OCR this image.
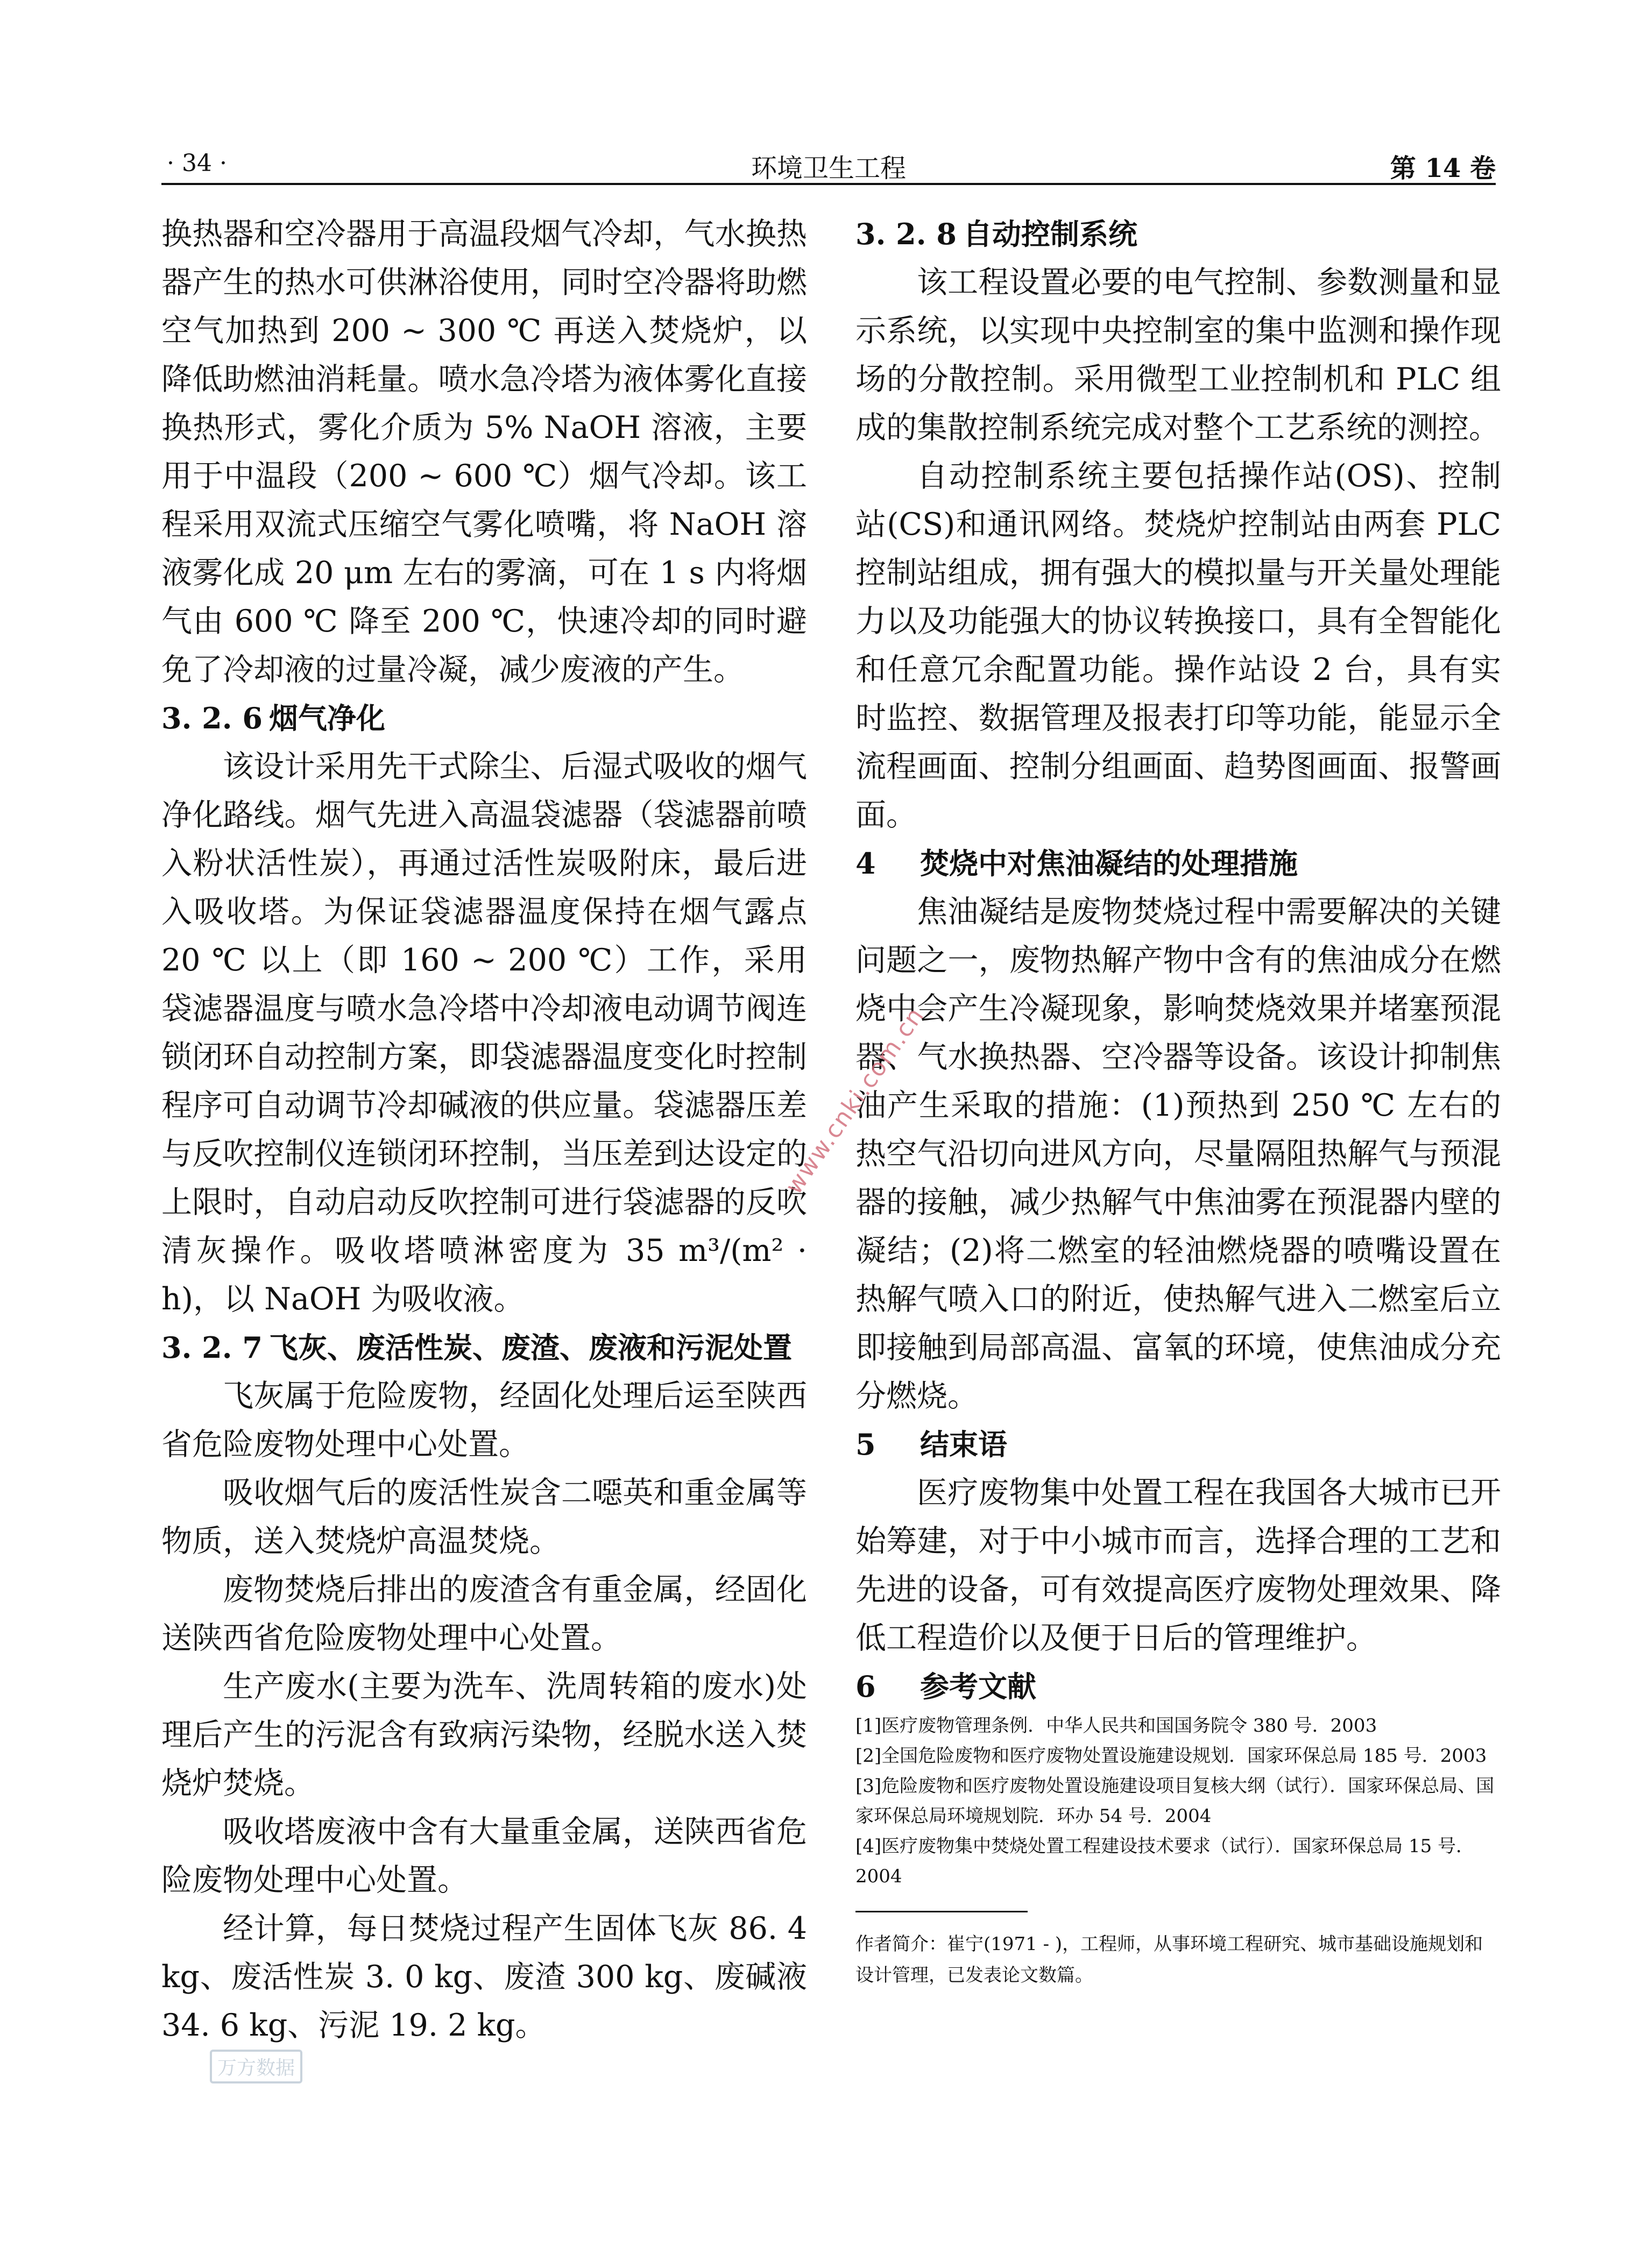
· 34 ·	环境卫生工程	第 14 卷

换热器和空冷器用于高温段烟气冷却，气水换热器产生的热水可供淋浴使用，同时空冷器将助燃空气加热到 200 ~ 300 ℃ 再送入焚烧炉，以降低助燃油消耗量。喷水急冷塔为液体雾化直接换热形式，雾化介质为 5% NaOH 溶液，主要用于中温段（200 ~ 600 ℃）烟气冷却。该工程采用双流式压缩空气雾化喷嘴，将 NaOH 溶液雾化成 20 μm 左右的雾滴，可在 1 s 内将烟气由 600 ℃ 降至 200 ℃，快速冷却的同时避免了冷却液的过量冷凝，减少废液的产生。

3. 2. 6 烟气净化

该设计采用先干式除尘、后湿式吸收的烟气净化路线。烟气先进入高温袋滤器（袋滤器前喷入粉状活性炭），再通过活性炭吸附床，最后进入吸收塔。为保证袋滤器温度保持在烟气露点 20 ℃ 以上（即 160 ~ 200 ℃）工作，采用袋滤器温度与喷水急冷塔中冷却液电动调节阀连锁闭环自动控制方案，即袋滤器温度变化时控制程序可自动调节冷却碱液的供应量。袋滤器压差与反吹控制仪连锁闭环控制，当压差到达设定的上限时，自动启动反吹控制可进行袋滤器的反吹清灰操作。吸收塔喷淋密度为 35 m³/(m² · h)，以 NaOH 为吸收液。

3. 2. 7 飞灰、废活性炭、废渣、废液和污泥处置

飞灰属于危险废物，经固化处理后运至陕西省危险废物处理中心处置。

吸收烟气后的废活性炭含二噁英和重金属等物质，送入焚烧炉高温焚烧。

废物焚烧后排出的废渣含有重金属，经固化送陕西省危险废物处理中心处置。

生产废水(主要为洗车、洗周转箱的废水)处理后产生的污泥含有致病污染物，经脱水送入焚烧炉焚烧。

吸收塔废液中含有大量重金属，送陕西省危险废物处理中心处置。

经计算，每日焚烧过程产生固体飞灰 86. 4 kg、废活性炭 3. 0 kg、废渣 300 kg、废碱液 34. 6 kg、污泥 19. 2 kg。

3. 2. 8 自动控制系统

该工程设置必要的电气控制、参数测量和显示系统，以实现中央控制室的集中监测和操作现场的分散控制。采用微型工业控制机和 PLC 组成的集散控制系统完成对整个工艺系统的测控。

自动控制系统主要包括操作站(OS)、控制站(CS)和通讯网络。焚烧炉控制站由两套 PLC 控制站组成，拥有强大的模拟量与开关量处理能力以及功能强大的协议转换接口，具有全智能化和任意冗余配置功能。操作站设 2 台，具有实时监控、数据管理及报表打印等功能，能显示全流程画面、控制分组画面、趋势图画面、报警画面。

4 焚烧中对焦油凝结的处理措施

焦油凝结是废物焚烧过程中需要解决的关键问题之一，废物热解产物中含有的焦油成分在燃烧中会产生冷凝现象，影响焚烧效果并堵塞预混器、气水换热器、空冷器等设备。该设计抑制焦油产生采取的措施：(1)预热到 250 ℃ 左右的热空气沿切向进风方向，尽量隔阻热解气与预混器的接触，减少热解气中焦油雾在预混器内壁的凝结；(2)将二燃室的轻油燃烧器的喷嘴设置在热解气喷入口的附近，使热解气进入二燃室后立即接触到局部高温、富氧的环境，使焦油成分充分燃烧。

5 结束语

医疗废物集中处置工程在我国各大城市已开始筹建，对于中小城市而言，选择合理的工艺和先进的设备，可有效提高医疗废物处理效果、降低工程造价以及便于日后的管理维护。

6 参考文献

[1]医疗废物管理条例．中华人民共和国国务院令 380 号．2003

[2]全国危险废物和医疗废物处置设施建设规划．国家环保总局 185 号．2003

[3]危险废物和医疗废物处置设施建设项目复核大纲（试行）．国家环保总局、国家环保总局环境规划院．环办 54 号．2004

[4]医疗废物集中焚烧处置工程建设技术要求（试行）．国家环保总局 15 号．2004

作者简介：崔宁(1971 - )，工程师，从事环境工程研究、城市基础设施规划和设计管理，已发表论文数篇。

www.cnki.com.cn
万方数据
